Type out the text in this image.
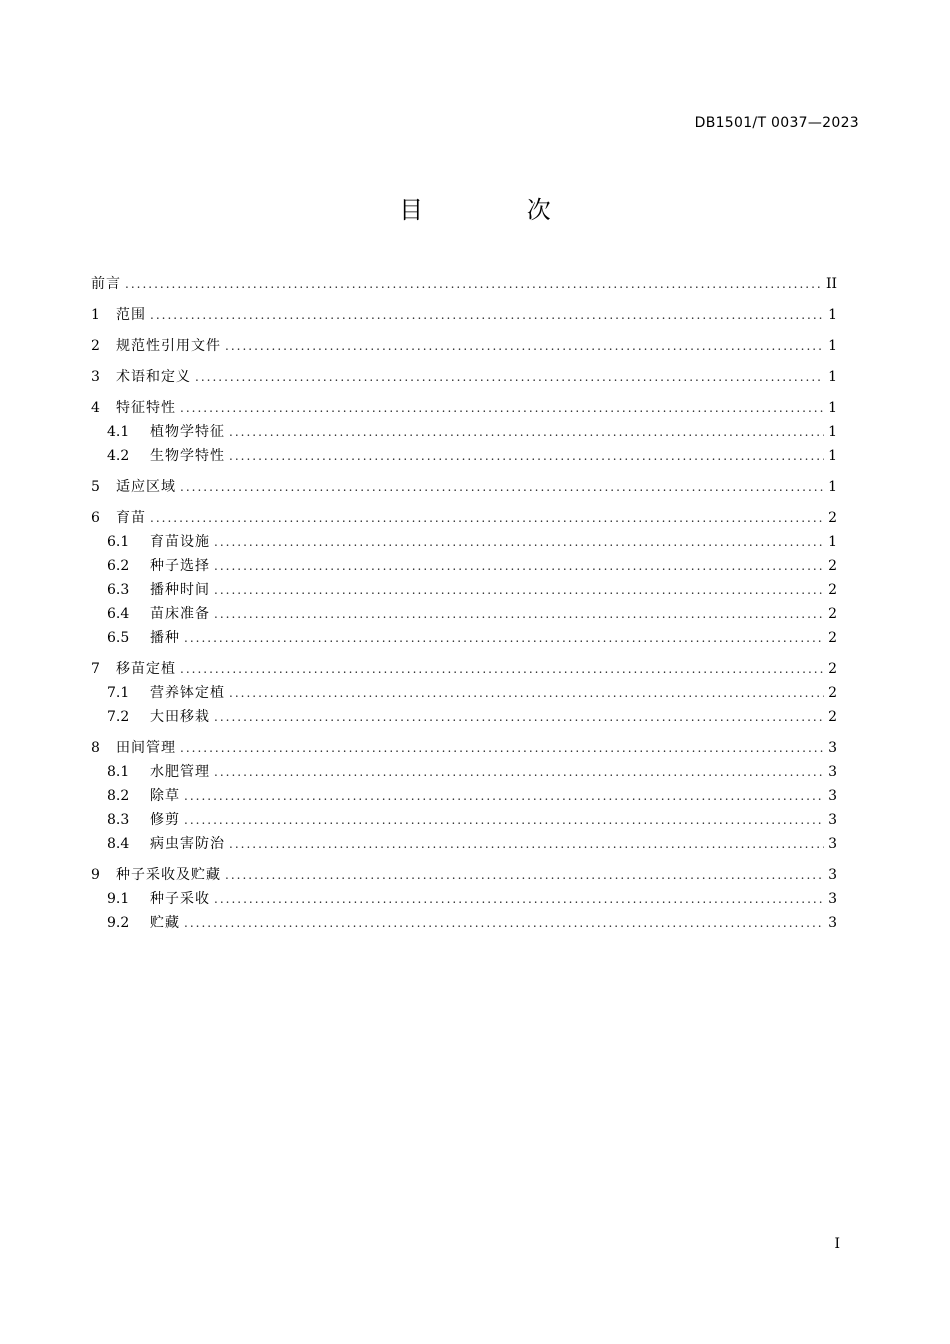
DB1501/T 0037—2023
目 次
前言 .....	II
1	范围 .....	1
2	规范性引用文件 .....	1
3	术语和定义 .....	1
4	特征特性 .....	1
4.1	植物学特征 .....	1
4.2	生物学特性 .....	1
5	适应区域 .....	1
6	育苗 .....	2
6.1	育苗设施 .....	1
6.2	种子选择 .....	2
6.3	播种时间 .....	2
6.4	苗床准备 .....	2
6.5	播种 .....	2
7	移苗定植 .....	2
7.1	营养钵定植 .....	2
7.2	大田移栽 .....	2
8	田间管理 .....	3
8.1	水肥管理 .....	3
8.2	除草 .....	3
8.3	修剪 .....	3
8.4	病虫害防治 .....	3
9	种子采收及贮藏 .....	3
9.1	种子采收 .....	3
9.2	贮藏 .....	3
I
